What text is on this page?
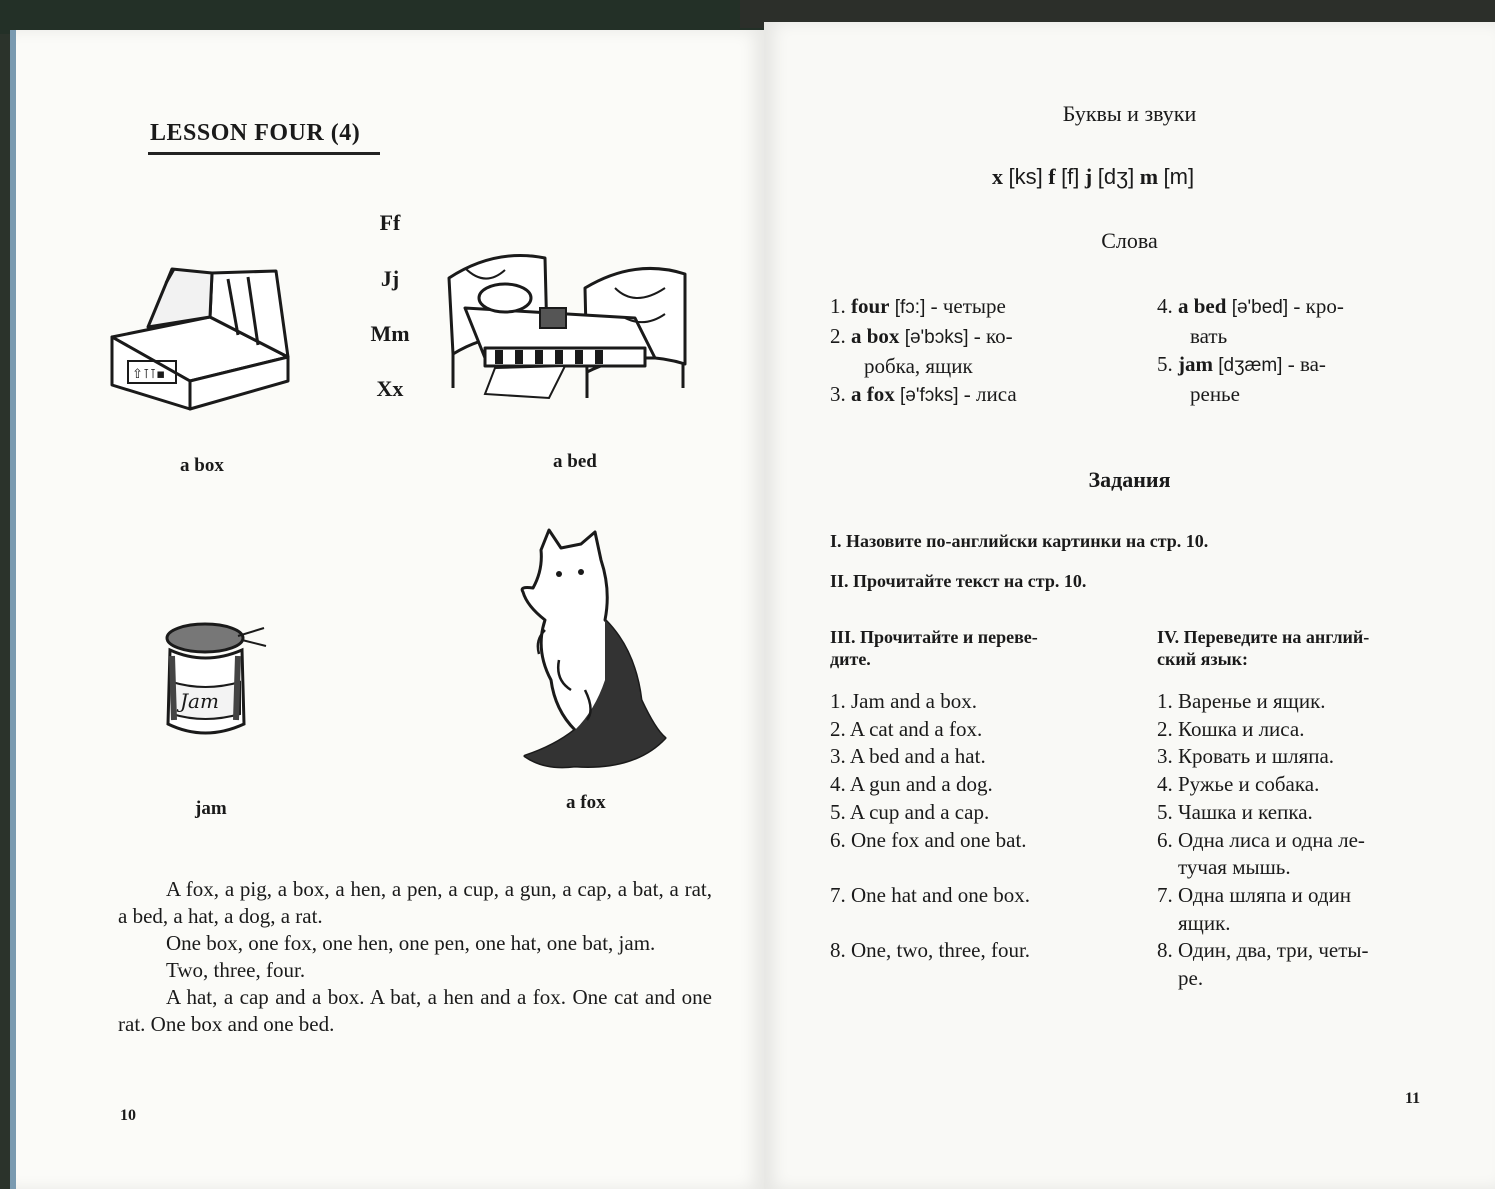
LESSON FOUR (4)
Ff
Jj
Mm
Xx
⇧⊺⊺▪
a box	a bed
Jam
jam	a fox

A fox, a pig, a box, a hen, a pen, a cup, a gun, a cap, a bat, a rat, a bed, a hat, a dog, a rat.

One box, one fox, one hen, one pen, one hat, one bat, jam.

Two, three, four.

A hat, a cap and a box. A bat, a hen and a fox. One cat and one rat. One box and one bed.

10
Буквы и звуки
x [ks] f [f] j [dʒ] m [m]
Слова
1. four [fɔ:] - четыре
2. a box [ə'bɔks] - ко-
робка, ящик
3. a fox [ə'fɔks] - лиса
4. a bed [ə'bed] - кро-
вать
5. jam [dʒæm] - ва-
ренье
Задания
I. Назовите по-английски картинки на стр. 10.
II. Прочитайте текст на стр. 10.
III. Прочитайте и переве-
дите.
IV. Переведите на англий-
ский язык:
1. Jam and a box.
2. A cat and a fox.
3. A bed and a hat.
4. A gun and a dog.
5. A cup and a cap.
6. One fox and one bat.
7. One hat and one box.
8. One, two, three, four.
1. Варенье и ящик.
2. Кошка и лиса.
3. Кровать и шляпа.
4. Ружье и собака.
5. Чашка и кепка.
6. Одна лиса и одна ле-
тучая мышь.
7. Одна шляпа и один
ящик.
8. Один, два, три, четы-
ре.
11
